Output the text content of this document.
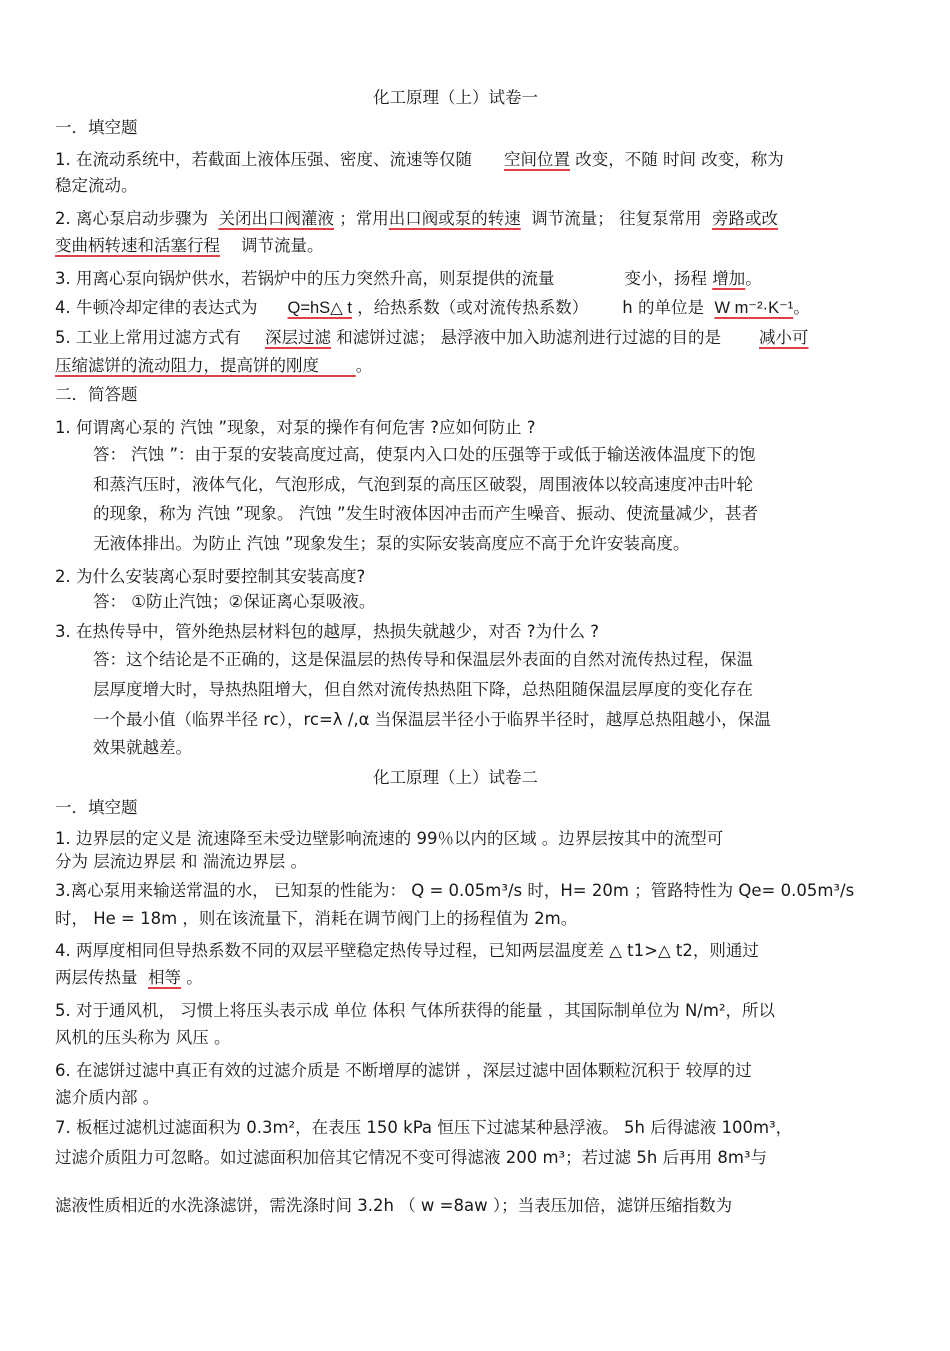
化工原理（上）试卷一
一．填空题
1. 在流动系统中，若截面上液体压强、密度、流速等仅随 空间位置 改变，不随 时间 改变，称为
稳定流动。
2. 离心泵启动步骤为 关闭出口阀灌液 ；常用出口阀或泵的转速 调节流量； 往复泵常用 旁路或改
变曲柄转速和活塞行程 调节流量。
3. 用离心泵向锅炉供水，若锅炉中的压力突然升高，则泵提供的流量	变小，扬程 增加。
4. 牛顿冷却定律的表达式为 Q=hS△ t ，给热系数（或对流传热系数） h 的单位是 W m⁻²·K⁻¹。
5. 工业上常用过滤方式有 深层过滤 和滤饼过滤； 悬浮液中加入助滤剂进行过滤的目的是 减小可
压缩滤饼的流动阻力，提高饼的刚度 。
二．简答题
1. 何谓离心泵的 汽蚀 ”现象，对泵的操作有何危害 ?应如何防止 ?
答： 汽蚀 ”：由于泵的安装高度过高，使泵内入口处的压强等于或低于输送液体温度下的饱
和蒸汽压时，液体气化，气泡形成，气泡到泵的高压区破裂，周围液体以较高速度冲击叶轮
的现象，称为 汽蚀 ”现象。 汽蚀 ”发生时液体因冲击而产生噪音、振动、使流量减少，甚者
无液体排出。为防止 汽蚀 ”现象发生；泵的实际安装高度应不高于允许安装高度。
2. 为什么安装离心泵时要控制其安装高度?
答： ①防止汽蚀；②保证离心泵吸液。
3. 在热传导中，管外绝热层材料包的越厚，热损失就越少，对否 ?为什么 ?
答：这个结论是不正确的，这是保温层的热传导和保温层外表面的自然对流传热过程，保温
层厚度增大时，导热热阻增大，但自然对流传热热阻下降，总热阻随保温层厚度的变化存在
一个最小值（临界半径 rc），rc=λ /,α 当保温层半径小于临界半径时，越厚总热阻越小，保温
效果就越差。
化工原理（上）试卷二
一．填空题
1. 边界层的定义是 流速降至未受边壁影响流速的 99％以内的区域 。边界层按其中的流型可
分为 层流边界层 和 湍流边界层 。
3.离心泵用来输送常温的水， 已知泵的性能为： Q = 0.05m³/s 时，H= 20m ；管路特性为 Qe= 0.05m³/s
时， He = 18m ，则在该流量下，消耗在调节阀门上的扬程值为 2m。
4. 两厚度相同但导热系数不同的双层平壁稳定热传导过程，已知两层温度差 △ t1>△ t2，则通过
两层传热量 相等 。
5. 对于通风机， 习惯上将压头表示成 单位 体积 气体所获得的能量 ，其国际制单位为 N/m²，所以
风机的压头称为 风压 。
6. 在滤饼过滤中真正有效的过滤介质是 不断增厚的滤饼 ，深层过滤中固体颗粒沉积于 较厚的过
滤介质内部 。
7. 板框过滤机过滤面积为 0.3m²，在表压 150 kPa 恒压下过滤某种悬浮液。 5h 后得滤液 100m³，
过滤介质阻力可忽略。如过滤面积加倍其它情况不变可得滤液 200 m³；若过滤 5h 后再用 8m³与
滤液性质相近的水洗涤滤饼，需洗涤时间 3.2h （ w =8aw ）；当表压加倍，滤饼压缩指数为
